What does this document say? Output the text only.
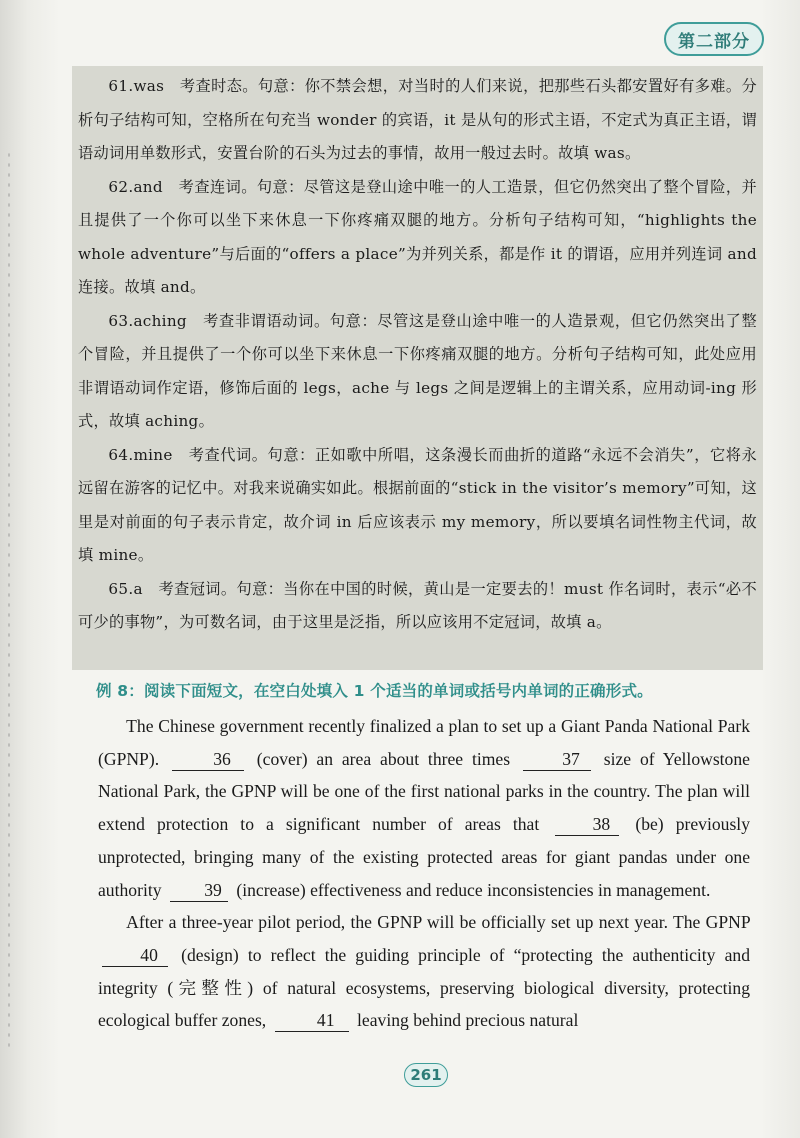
第二部分

61.was　考查时态。句意：你不禁会想，对当时的人们来说，把那些石头都安置好有多难。分析句子结构可知，空格所在句充当 wonder 的宾语，it 是从句的形式主语，不定式为真正主语，谓语动词用单数形式，安置台阶的石头为过去的事情，故用一般过去时。故填 was。

62.and　考查连词。句意：尽管这是登山途中唯一的人工造景，但它仍然突出了整个冒险，并且提供了一个你可以坐下来休息一下你疼痛双腿的地方。分析句子结构可知，“highlights the whole adventure”与后面的“offers a place”为并列关系，都是作 it 的谓语，应用并列连词 and 连接。故填 and。

63.aching　考查非谓语动词。句意：尽管这是登山途中唯一的人造景观，但它仍然突出了整个冒险，并且提供了一个你可以坐下来休息一下你疼痛双腿的地方。分析句子结构可知，此处应用非谓语动词作定语，修饰后面的 legs，ache 与 legs 之间是逻辑上的主谓关系，应用动词-ing 形式，故填 aching。

64.mine　考查代词。句意：正如歌中所唱，这条漫长而曲折的道路“永远不会消失”，它将永远留在游客的记忆中。对我来说确实如此。根据前面的“stick in the visitor’s memory”可知，这里是对前面的句子表示肯定，故介词 in 后应该表示 my memory，所以要填名词性物主代词，故填 mine。

65.a　考查冠词。句意：当你在中国的时候，黄山是一定要去的！must 作名词时，表示“必不可少的事物”，为可数名词，由于这里是泛指，所以应该用不定冠词，故填 a。

例 8：阅读下面短文，在空白处填入 1 个适当的单词或括号内单词的正确形式。

The Chinese government recently finalized a plan to set up a Giant Panda National Park (GPNP).	36 (cover) an area about three times	37 size of Yellowstone National Park, the GPNP will be one of the first national parks in the country. The plan will extend protection to a significant number of areas that	38 (be) previously unprotected, bringing many of the existing protected areas for giant pandas under one authority 39 (increase) effectiveness and reduce inconsistencies in management.

After a three-year pilot period, the GPNP will be officially set up next year. The GPNP 40 (design) to reflect the guiding principle of “protecting the authenticity and integrity (完整性) of natural ecosystems, preserving biological diversity, protecting ecological buffer zones,	41 leaving behind precious natural

261
